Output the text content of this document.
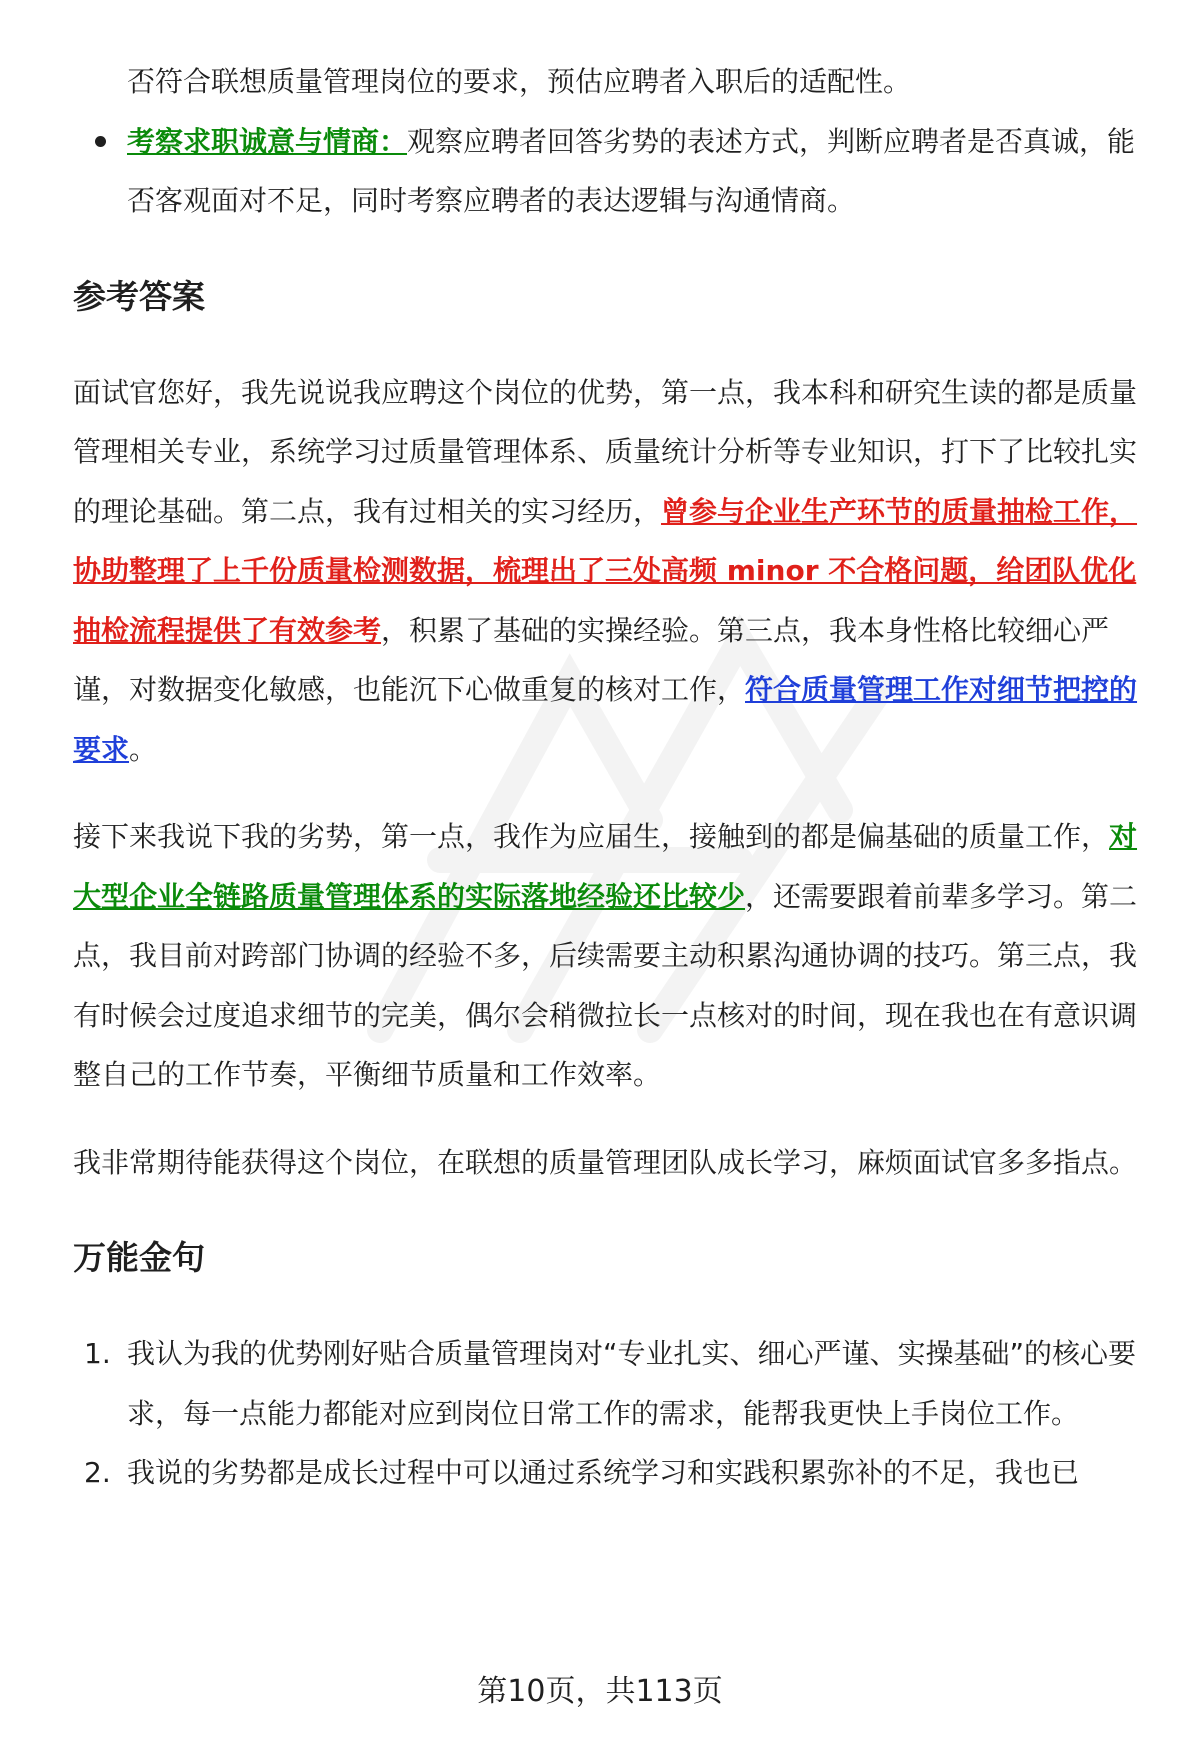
否符合联想质量管理岗位的要求，预估应聘者入职后的适配性。

考察求职诚意与情商：观察应聘者回答劣势的表述方式，判断应聘者是否真诚，能否客观面对不足，同时考察应聘者的表达逻辑与沟通情商。
参考答案

面试官您好，我先说说我应聘这个岗位的优势，第一点，我本科和研究生读的都是质量管理相关专业，系统学习过质量管理体系、质量统计分析等专业知识，打下了比较扎实的理论基础。第二点，我有过相关的实习经历，曾参与企业生产环节的质量抽检工作，协助整理了上千份质量检测数据，梳理出了三处高频 minor 不合格问题，给团队优化抽检流程提供了有效参考，积累了基础的实操经验。第三点，我本身性格比较细心严谨，对数据变化敏感，也能沉下心做重复的核对工作，符合质量管理工作对细节把控的要求。

接下来我说下我的劣势，第一点，我作为应届生，接触到的都是偏基础的质量工作，对大型企业全链路质量管理体系的实际落地经验还比较少，还需要跟着前辈多学习。第二点，我目前对跨部门协调的经验不多，后续需要主动积累沟通协调的技巧。第三点，我有时候会过度追求细节的完美，偶尔会稍微拉长一点核对的时间，现在我也在有意识调整自己的工作节奏，平衡细节质量和工作效率。

我非常期待能获得这个岗位，在联想的质量管理团队成长学习，麻烦面试官多多指点。

万能金句
1. 我认为我的优势刚好贴合质量管理岗对“专业扎实、细心严谨、实操基础”的核心要求，每一点能力都能对应到岗位日常工作的需求，能帮我更快上手岗位工作。
2. 我说的劣势都是成长过程中可以通过系统学习和实践积累弥补的不足，我也已
第10页，共113页
